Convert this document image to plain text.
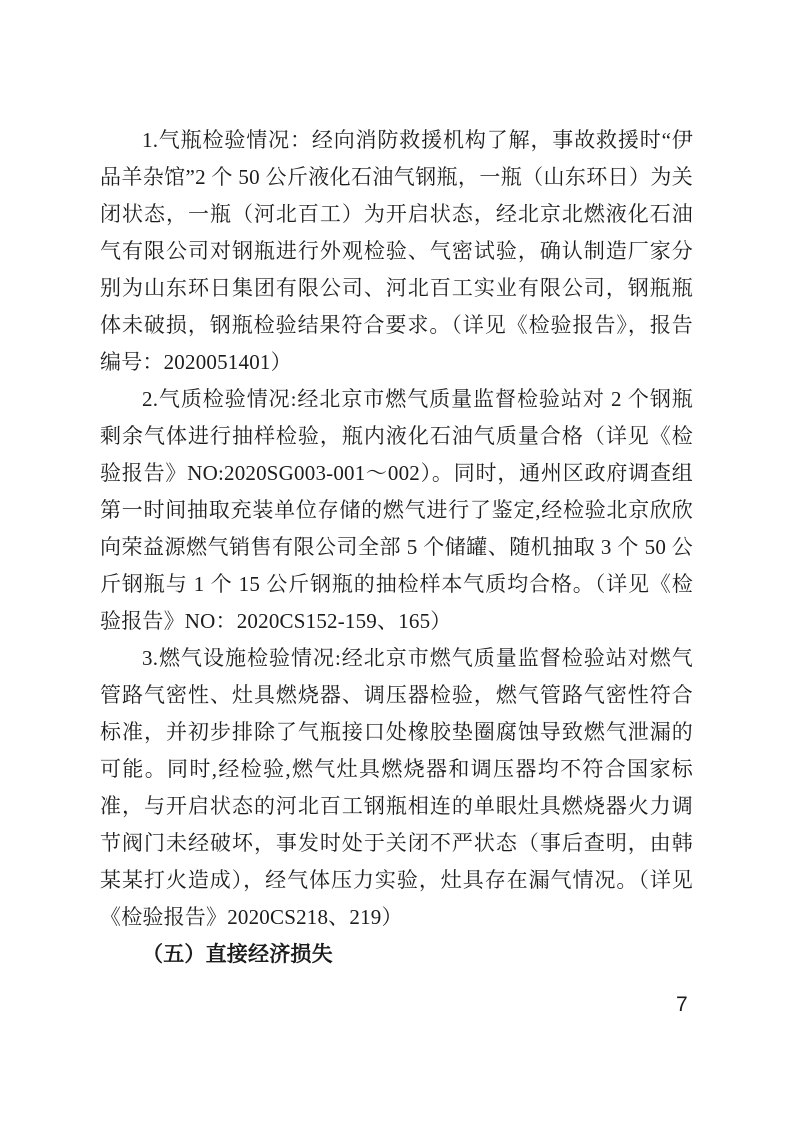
1.气瓶检验情况：经向消防救援机构了解，事故救援时“伊品羊杂馆”2 个 50 公斤液化石油气钢瓶，一瓶（山东环日）为关闭状态，一瓶（河北百工）为开启状态，经北京北燃液化石油气有限公司对钢瓶进行外观检验、气密试验，确认制造厂家分别为山东环日集团有限公司、河北百工实业有限公司，钢瓶瓶体未破损，钢瓶检验结果符合要求。（详见《检验报告》，报告编号：2020051401）

2.气质检验情况:经北京市燃气质量监督检验站对 2 个钢瓶剩余气体进行抽样检验，瓶内液化石油气质量合格（详见《检验报告》NO:2020SG003-001～002）。同时，通州区政府调查组第一时间抽取充装单位存储的燃气进行了鉴定,经检验北京欣欣向荣益源燃气销售有限公司全部 5 个储罐、随机抽取 3 个 50 公斤钢瓶与 1 个 15 公斤钢瓶的抽检样本气质均合格。（详见《检验报告》NO：2020CS152-159、165）

3.燃气设施检验情况:经北京市燃气质量监督检验站对燃气管路气密性、灶具燃烧器、调压器检验，燃气管路气密性符合标准，并初步排除了气瓶接口处橡胶垫圈腐蚀导致燃气泄漏的可能。同时,经检验,燃气灶具燃烧器和调压器均不符合国家标准，与开启状态的河北百工钢瓶相连的单眼灶具燃烧器火力调节阀门未经破坏，事发时处于关闭不严状态（事后查明，由韩某某打火造成），经气体压力实验，灶具存在漏气情况。（详见《检验报告》2020CS218、219）

（五）直接经济损失

7
